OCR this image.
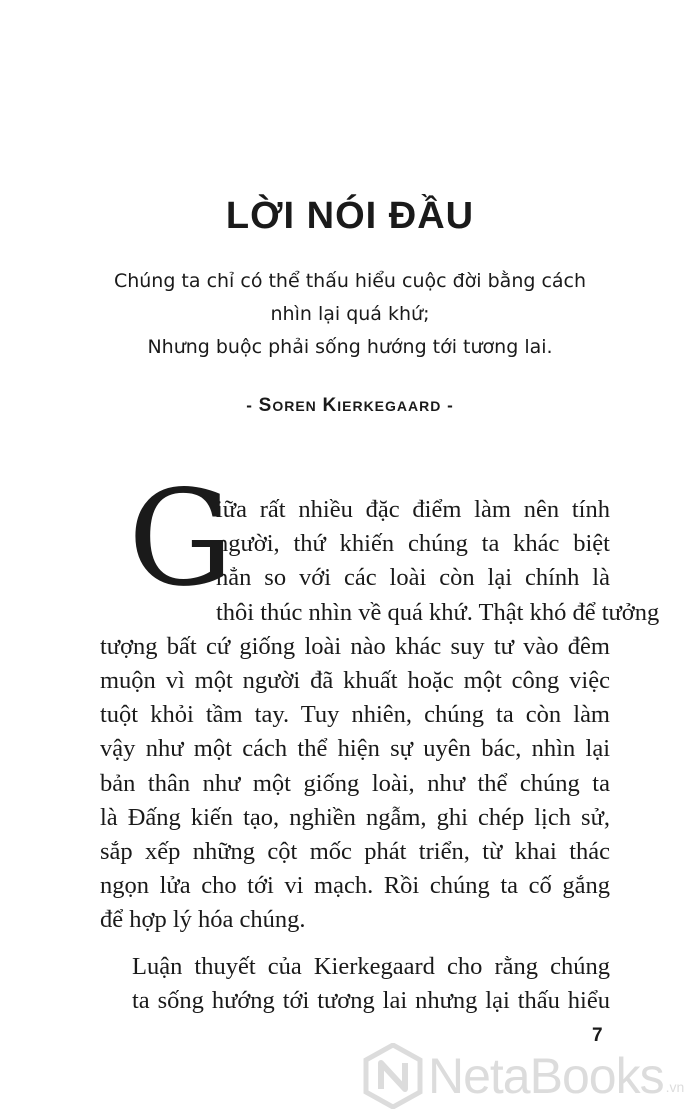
LỜI NÓI ĐẦU
Chúng ta chỉ có thể thấu hiểu cuộc đời bằng cách
nhìn lại quá khứ;
Nhưng buộc phải sống hướng tới tương lai.
- SOREN KIERKEGAARD -
G
iữa rất nhiều đặc điểm làm nên tính
người, thứ khiến chúng ta khác biệt
hẳn so với các loài còn lại chính là
thôi thúc nhìn về quá khứ. Thật khó để tưởng
tượng bất cứ giống loài nào khác suy tư vào đêm
muộn vì một người đã khuất hoặc một công việc
tuột khỏi tầm tay. Tuy nhiên, chúng ta còn làm
vậy như một cách thể hiện sự uyên bác, nhìn lại
bản thân như một giống loài, như thể chúng ta
là Đấng kiến tạo, nghiền ngẫm, ghi chép lịch sử,
sắp xếp những cột mốc phát triển, từ khai thác
ngọn lửa cho tới vi mạch. Rồi chúng ta cố gắng
để hợp lý hóa chúng.
Luận thuyết của Kierkegaard cho rằng chúng
ta sống hướng tới tương lai nhưng lại thấu hiểu
7
NetaBooks .vn
